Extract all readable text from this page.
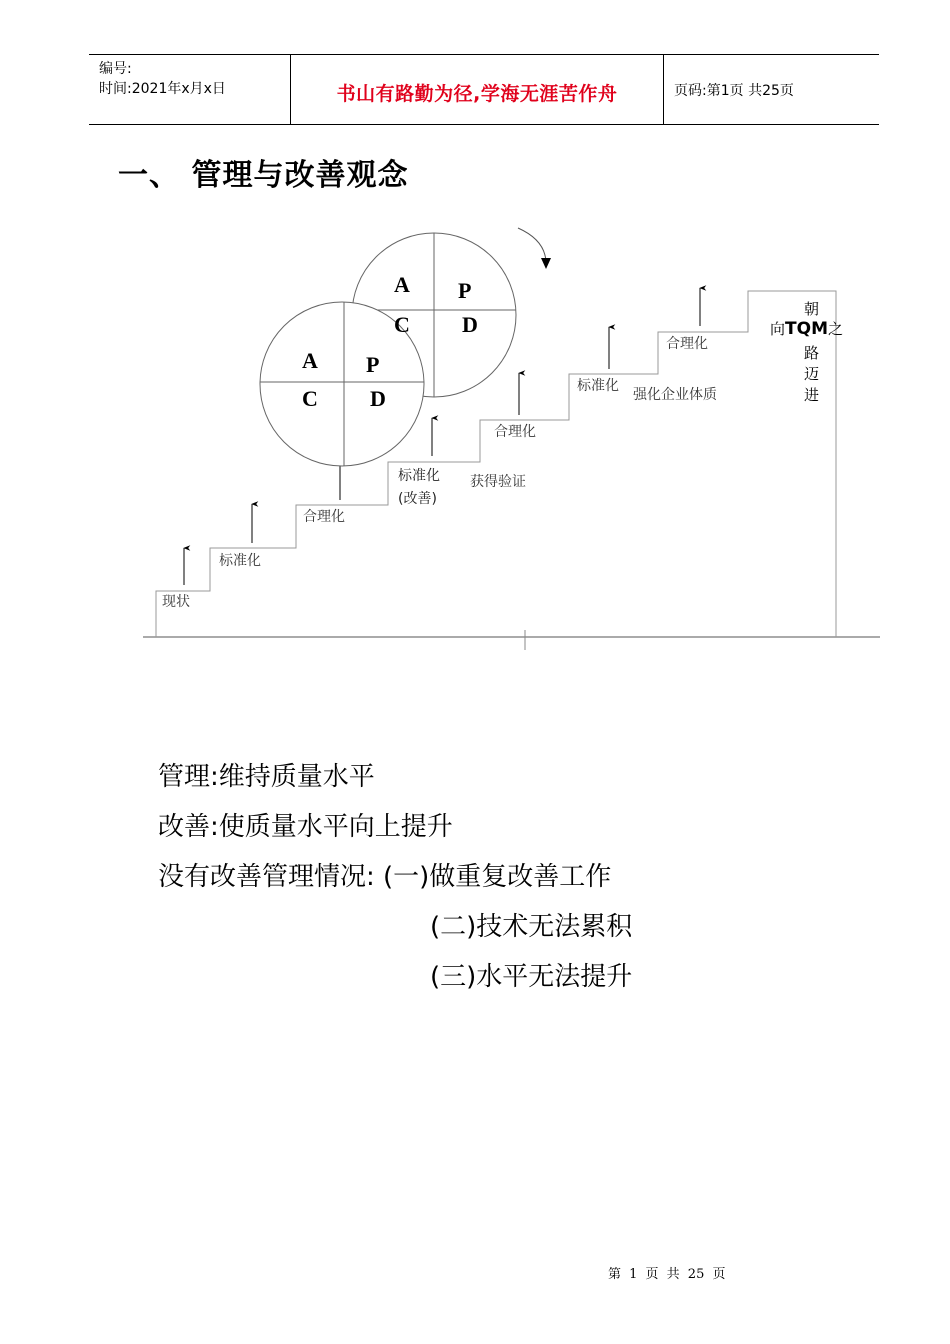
编号:
时间:2021年x月x日	书山有路勤为径,学海无涯苦作舟	页码:第1页 共25页
一、 管理与改善观念
A P
C D
A P
C D
现状
标准化
合理化
标准化
(改善)
获得验证
合理化
标准化
强化企业体质
合理化
朝
向TQM之
路
迈
进
管理:维持质量水平
改善:使质量水平向上提升
没有改善管理情况: (一)做重复改善工作
(二)技术无法累积
(三)水平无法提升
第 1 页 共 25 页
